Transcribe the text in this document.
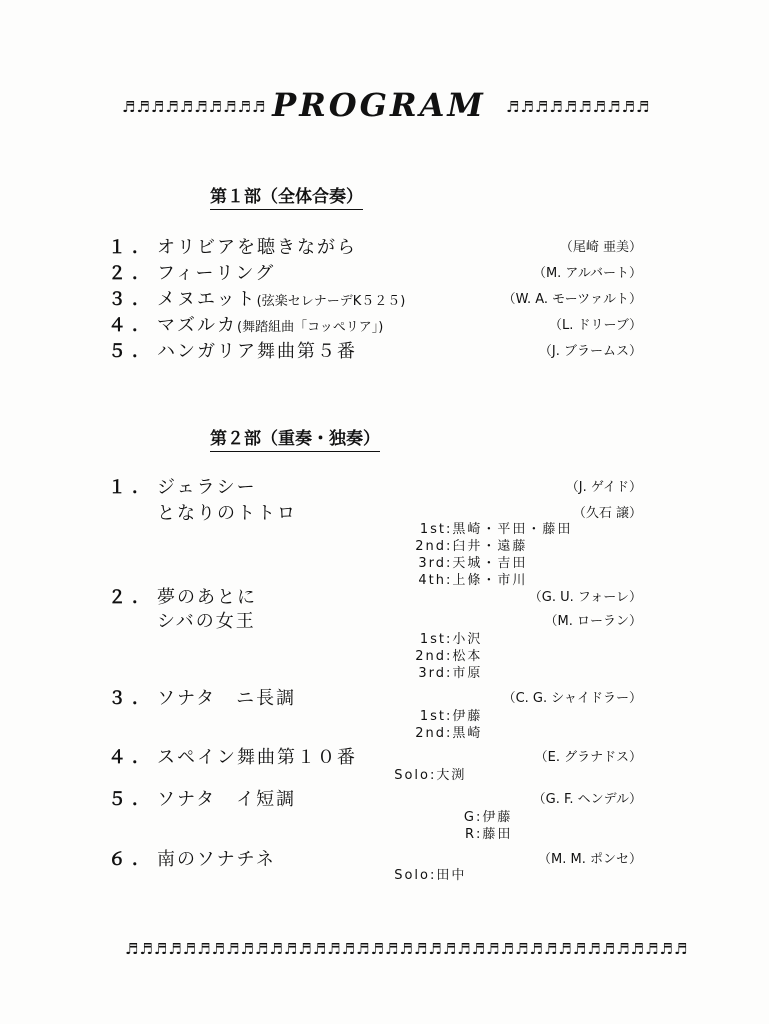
♬♬♬♬♬♬♬♬♬♬ PROGRAM	♬♬♬♬♬♬♬♬♬♬
第１部（全体合奏）
１． オリビアを聴きながら	（尾崎 亜美）
２． フィーリング	（M. アルバート）
３． メヌエット(弦楽セレナーデK５２５)	（W. A. モーツァルト）
４． マズルカ(舞踏組曲「コッペリア」)	（L. ドリーブ）
５． ハンガリア舞曲第５番	（J. ブラームス）
第２部（重奏・独奏）
１． ジェラシー	（J. ゲイド）
となりのトトロ	（久石 譲）
1st:黒崎・平田・藤田
2nd:臼井・遠藤
3rd:天城・吉田
4th:上條・市川
２． 夢のあとに	（G. U. フォーレ）
シバの女王	（M. ローラン）
1st:小沢
2nd:松本
3rd:市原
３． ソナタ　ニ長調	（C. G. シャイドラー）
1st:伊藤
2nd:黒崎
４． スペイン舞曲第１０番	（E. グラナドス）
Solo:大渕
５． ソナタ　イ短調	（G. F. ヘンデル）
G:伊藤
R:藤田
６． 南のソナチネ	（M. M. ポンセ）
Solo:田中
♬♬♬♬♬♬♬♬♬♬♬♬♬♬♬♬♬♬♬♬♬♬♬♬♬♬♬♬♬♬♬♬♬♬♬♬♬♬♬
